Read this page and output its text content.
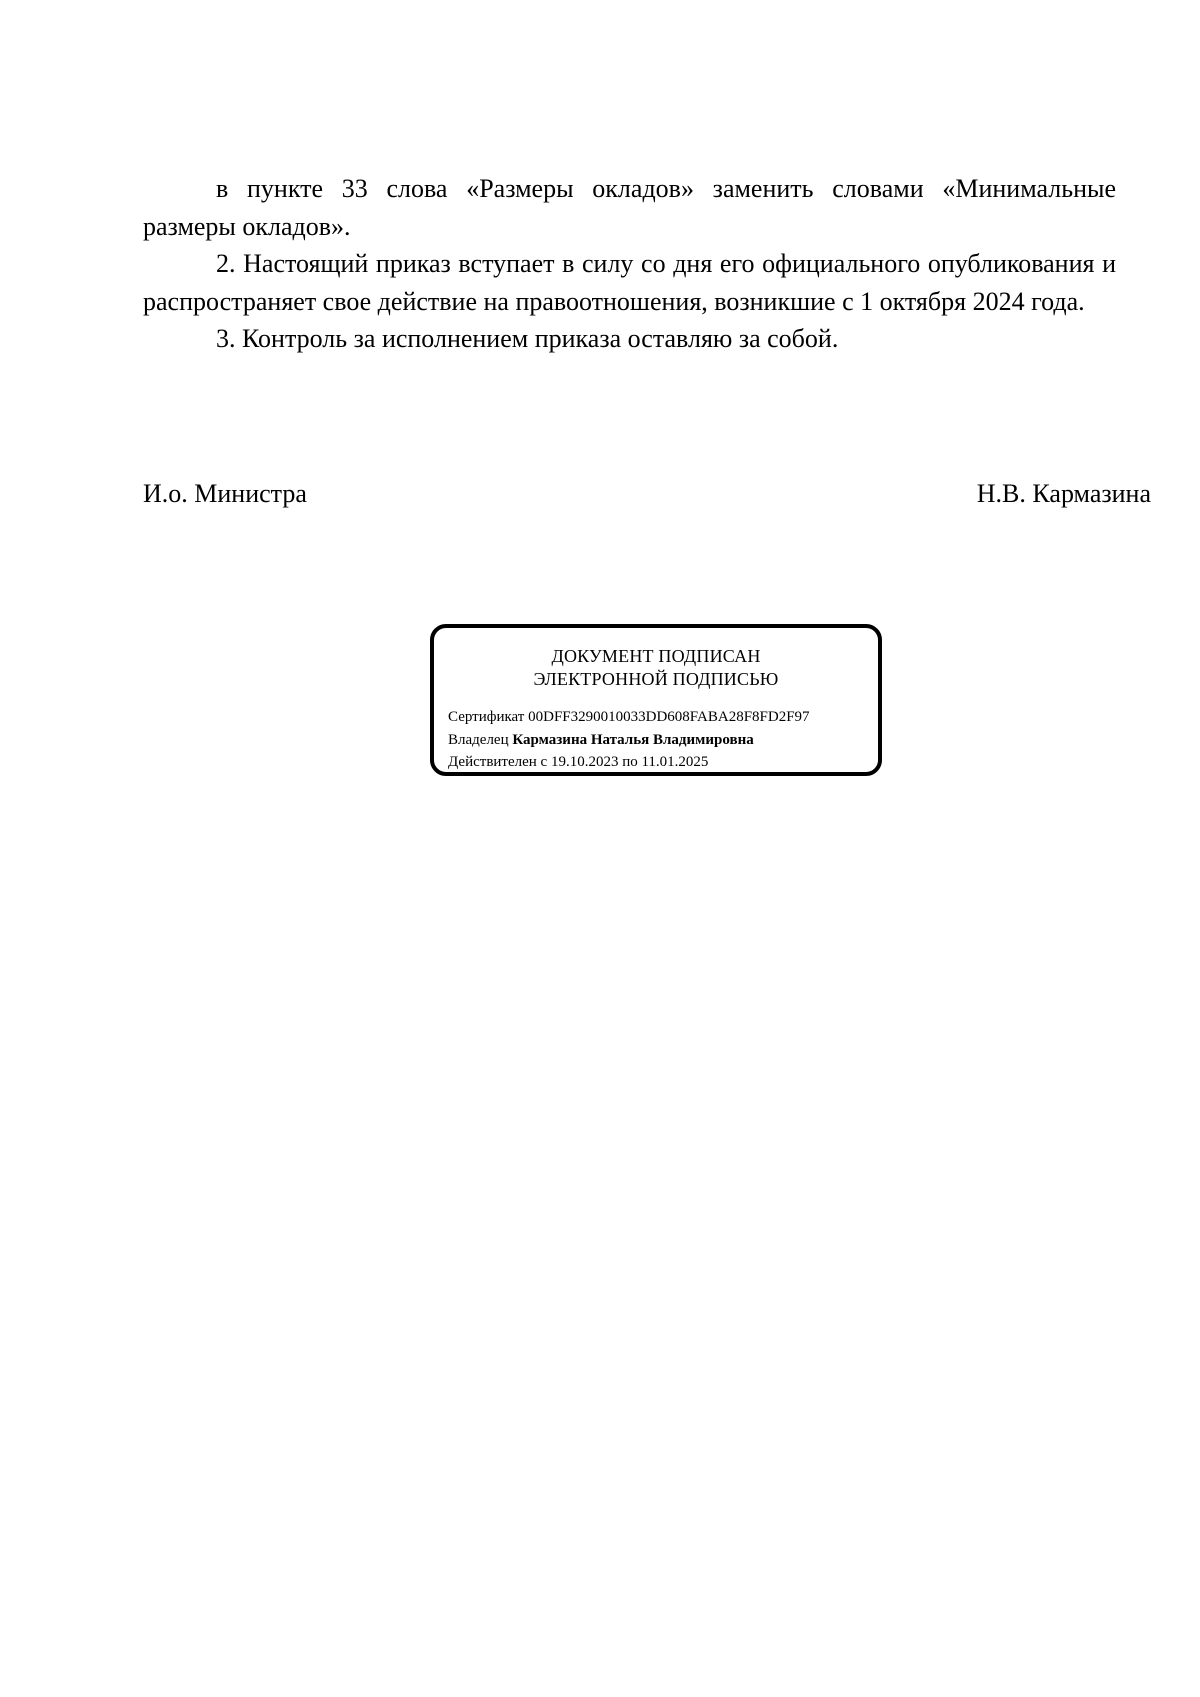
в пункте 33 слова «Размеры окладов» заменить словами «Минимальные размеры окладов».

2. Настоящий приказ вступает в силу со дня его официального опубликования и распространяет свое действие на правоотношения, возникшие с 1 октября 2024 года.

3. Контроль за исполнением приказа оставляю за собой.

И.о. Министра	Н.В. Кармазина
ДОКУМЕНТ ПОДПИСАН
ЭЛЕКТРОННОЙ ПОДПИСЬЮ
Сертификат 00DFF3290010033DD608FABA28F8FD2F97
Владелец Кармазина Наталья Владимировна
Действителен с 19.10.2023 по 11.01.2025
